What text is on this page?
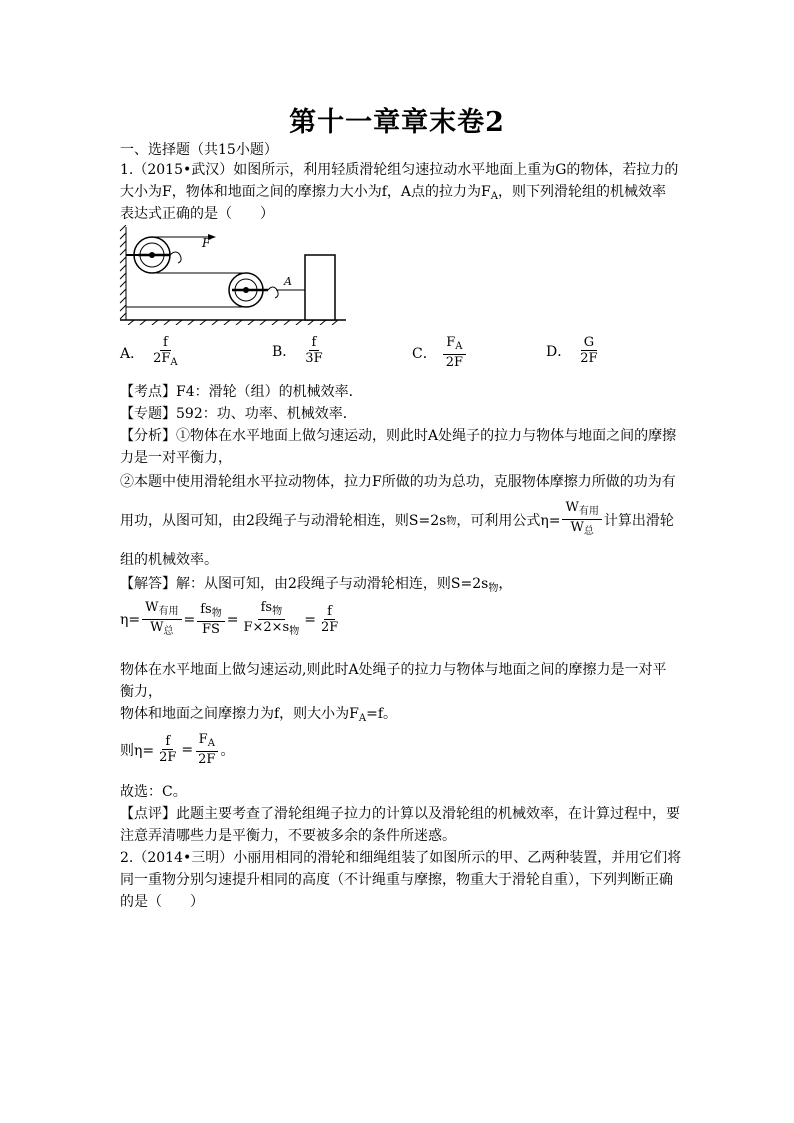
第十一章章末卷2
一、选择题（共15小题）
1.（2015•武汉）如图所示，利用轻质滑轮组匀速拉动水平地面上重为G的物体，若拉力的
大小为F，物体和地面之间的摩擦力大小为f，A点的拉力为$F_A$，则下列滑轮组的机械效率
表达式正确的是（　　）
F
A
A． $\frac{f}{2F_A}$	B． $\frac{f}{3F}$	C． $\frac{F_A}{2F}$	D． $\frac{G}{2F}$
【考点】F4：滑轮（组）的机械效率．
【专题】592：功、功率、机械效率．
【分析】①物体在水平地面上做匀速运动，则此时A处绳子的拉力与物体与地面之间的摩擦
力是一对平衡力，
②本题中使用滑轮组水平拉动物体，拉力F所做的功为总功，克服物体摩擦力所做的功为有
用功，从图可知，由2段绳子与动滑轮相连，则S=2s 物 ，可利用公式$\eta= \frac{W_{有用}}{W_总}$ 计算出滑轮
组的机械效率。
【解答】解：从图可知，由2段绳子与动滑轮相连，则$S=2s_物$，
$\eta= \frac{W_{有用}}{W_总} = \frac{fs_物}{FS} = \frac{fs_物}{F\times 2\times s_物} = \frac{f}{2F}$
物体在水平地面上做匀速运动,则此时A处绳子的拉力与物体与地面之间的摩擦力是一对平
衡力，
物体和地面之间摩擦力为f，则大小为$F_A=f$。
则$\eta= \frac{f}{2F} = \frac{F_A}{2F}$ 。
故选：C。
【点评】此题主要考查了滑轮组绳子拉力的计算以及滑轮组的机械效率，在计算过程中，要
注意弄清哪些力是平衡力，不要被多余的条件所迷惑。
2.（2014•三明）小丽用相同的滑轮和细绳组装了如图所示的甲、乙两种装置，并用它们将
同一重物分别匀速提升相同的高度（不计绳重与摩擦，物重大于滑轮自重），下列判断正确
的是（　　）
